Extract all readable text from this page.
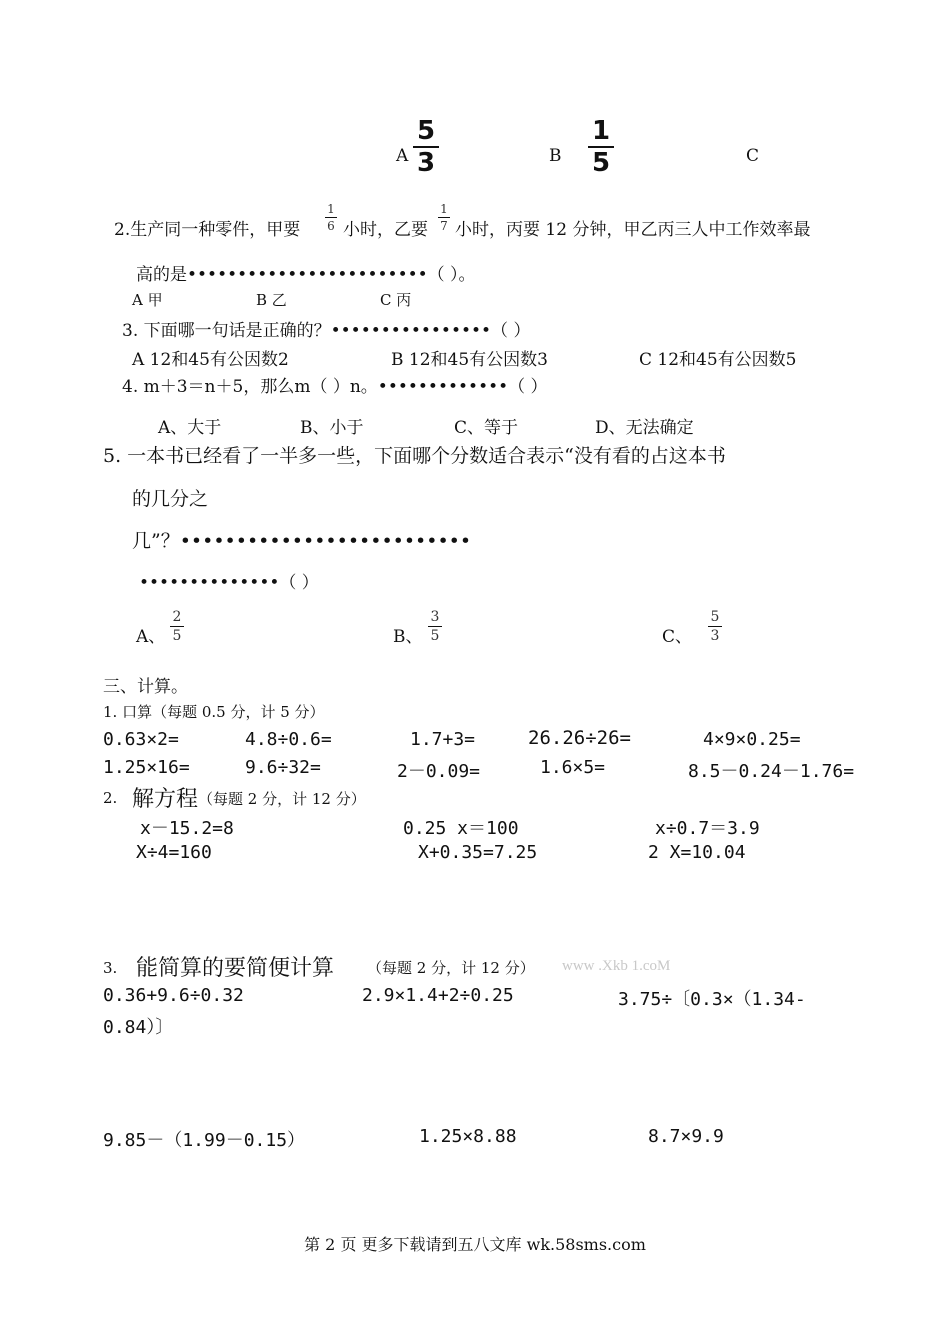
A
5
3	B
1
5	C
2.生产同一种零件，甲要
1
6 小时，乙要
1
7 小时，丙要 12 分钟，甲乙丙三人中工作效率最
高的是••••••••••••••••••••••••（ ）。
A 甲	B 乙	C 丙
3. 下面哪一句话是正确的？••••••••••••••••（ ）
A 12和45有公因数2	B 12和45有公因数3	C 12和45有公因数5
4. m＋3＝n＋5，那么m（ ）n。•••••••••••••（ ）
A、大于	B、小于	C、等于	D、无法确定
5. 一本书已经看了一半多一些，下面哪个分数适合表示“没有看的占这本书
的几分之
几”？••••••••••••••••••••••••••
••••••••••••••（ ）
A、
2
5	B、
3
5	C、
5
3
三、计算。
1. 口算（每题 0.5 分，计 5 分）
0.63×2=	4.8÷0.6=	1.7+3=	26.26÷26=	4×9×0.25=
1.25×16=	9.6÷32=	2－0.09=	1.6×5=	8.5－0.24－1.76=
2. 解方程 （每题 2 分，计 12 分）
x－15.2=8	0.25 x＝100	x÷0.7＝3.9
X÷4=160	X+0.35=7.25	2 X=10.04
3. 能简算的要简便计算 （每题 2 分，计 12 分） www .Xkb 1.coM
0.36+9.6÷0.32	2.9×1.4+2÷0.25	3.75÷〔0.3×（1.34-
0.84）〕
9.85－（1.99－0.15）	1.25×8.88	8.7×9.9
第 2 页 更多下载请到五八文库 wk.58sms.com
